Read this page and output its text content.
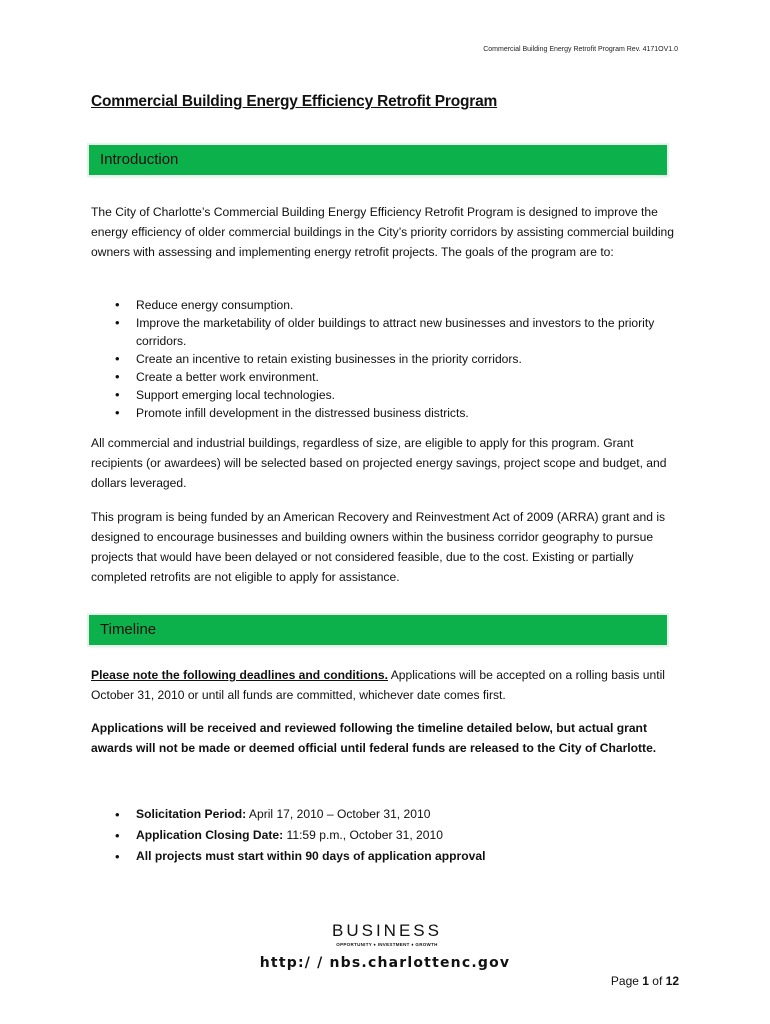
Commercial Building Energy Retrofit Program Rev. 4171OV1.0
Commercial Building Energy Efficiency Retrofit Program
Introduction

The City of Charlotte’s Commercial Building Energy Efficiency Retrofit Program is designed to improve the energy efficiency of older commercial buildings in the City’s priority corridors by assisting commercial building owners with assessing and implementing energy retrofit projects. The goals of the program are to:

• Reduce energy consumption.
• Improve the marketability of older buildings to attract new businesses and investors to the priority corridors.
• Create an incentive to retain existing businesses in the priority corridors.
• Create a better work environment.
• Support emerging local technologies.
• Promote infill development in the distressed business districts.

All commercial and industrial buildings, regardless of size, are eligible to apply for this program. Grant recipients (or awardees) will be selected based on projected energy savings, project scope and budget, and dollars leveraged.

This program is being funded by an American Recovery and Reinvestment Act of 2009 (ARRA) grant and is designed to encourage businesses and building owners within the business corridor geography to pursue projects that would have been delayed or not considered feasible, due to the cost. Existing or partially completed retrofits are not eligible to apply for assistance.

Timeline

Please note the following deadlines and conditions. Applications will be accepted on a rolling basis until October 31, 2010 or until all funds are committed, whichever date comes first.

Applications will be received and reviewed following the timeline detailed below, but actual grant awards will not be made or deemed official until federal funds are released to the City of Charlotte.

• Solicitation Period: April 17, 2010 – October 31, 2010
• Application Closing Date: 11:59 p.m., October 31, 2010
• All projects must start within 90 days of application approval
BUSINESS
OPPORTUNITY ♦ INVESTMENT ♦ GROWTH
http:/ / nbs.charlottenc.gov
Page 1 of 12
